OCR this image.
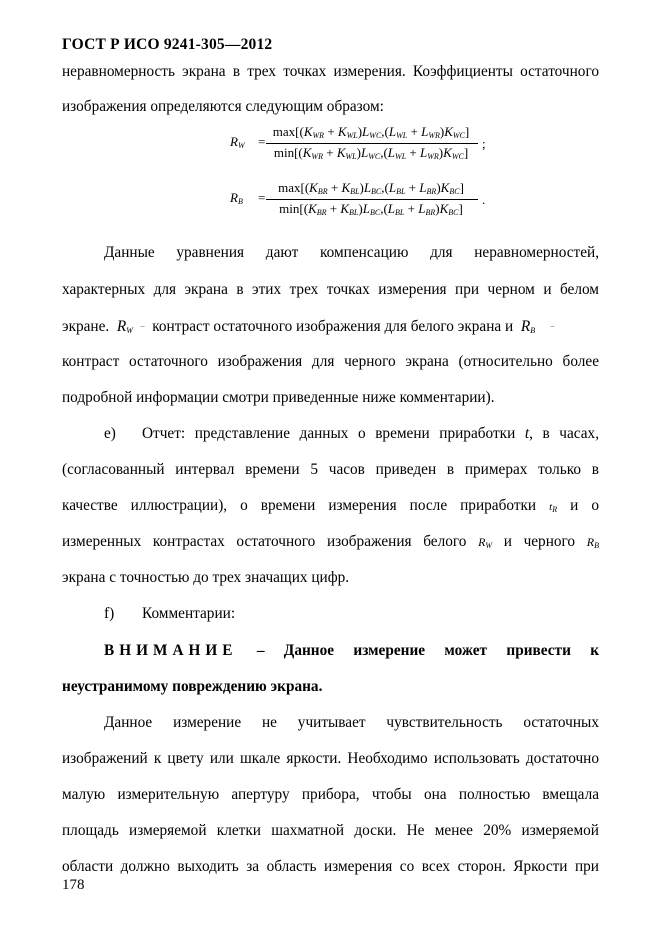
ГОСТ Р ИСО 9241-305—2012
неравномерность экрана в трех точках измерения. Коэффициенты остаточного
изображения определяются следующим образом:
$R_W$ =
$\max[(K_{WR} + K_{WL})L_{WC},(L_{WL} + L_{WR})K_{WC}]$
$\min[(K_{WR} + K_{WL})L_{WC},(L_{WL} + L_{WR})K_{WC}]$
;
$R_B$ =
$\max[(K_{BR} + K_{BL})L_{BC},(L_{BL} + L_{BR})K_{BC}]$
$\min[(K_{BR} + K_{BL})L_{BC},(L_{BL} + L_{BR})K_{BC}]$
.
Данные уравнения дают компенсацию для неравномерностей,
характерных для экрана в этих трех точках измерения при черном и белом
экране. $R_W$  – контраст остаточного изображения для белого экрана и $R_B$    –
контраст остаточного изображения для черного экрана (относительно более
подробной информации смотри приведенные ниже комментарии).
e) Отчет: представление данных о времени приработки t, в часах,
(согласованный интервал времени 5 часов приведен в примерах только в
качестве иллюстрации), о времени измерения после приработки $t_R$ и о
измеренных контрастах остаточного изображения белого $R_W$ и черного $R_B$
экрана с точностью до трех значащих цифр.
f) Комментарии:
ВНИМАНИЕ – Данное измерение может привести к
неустранимому повреждению экрана.
Данное измерение не учитывает чувствительность остаточных
изображений к цвету или шкале яркости. Необходимо использовать достаточно
малую измерительную апертуру прибора, чтобы она полностью вмещала
площадь измеряемой клетки шахматной доски. Не менее 20% измеряемой
области должно выходить за область измерения со всех сторон. Яркости при
178
